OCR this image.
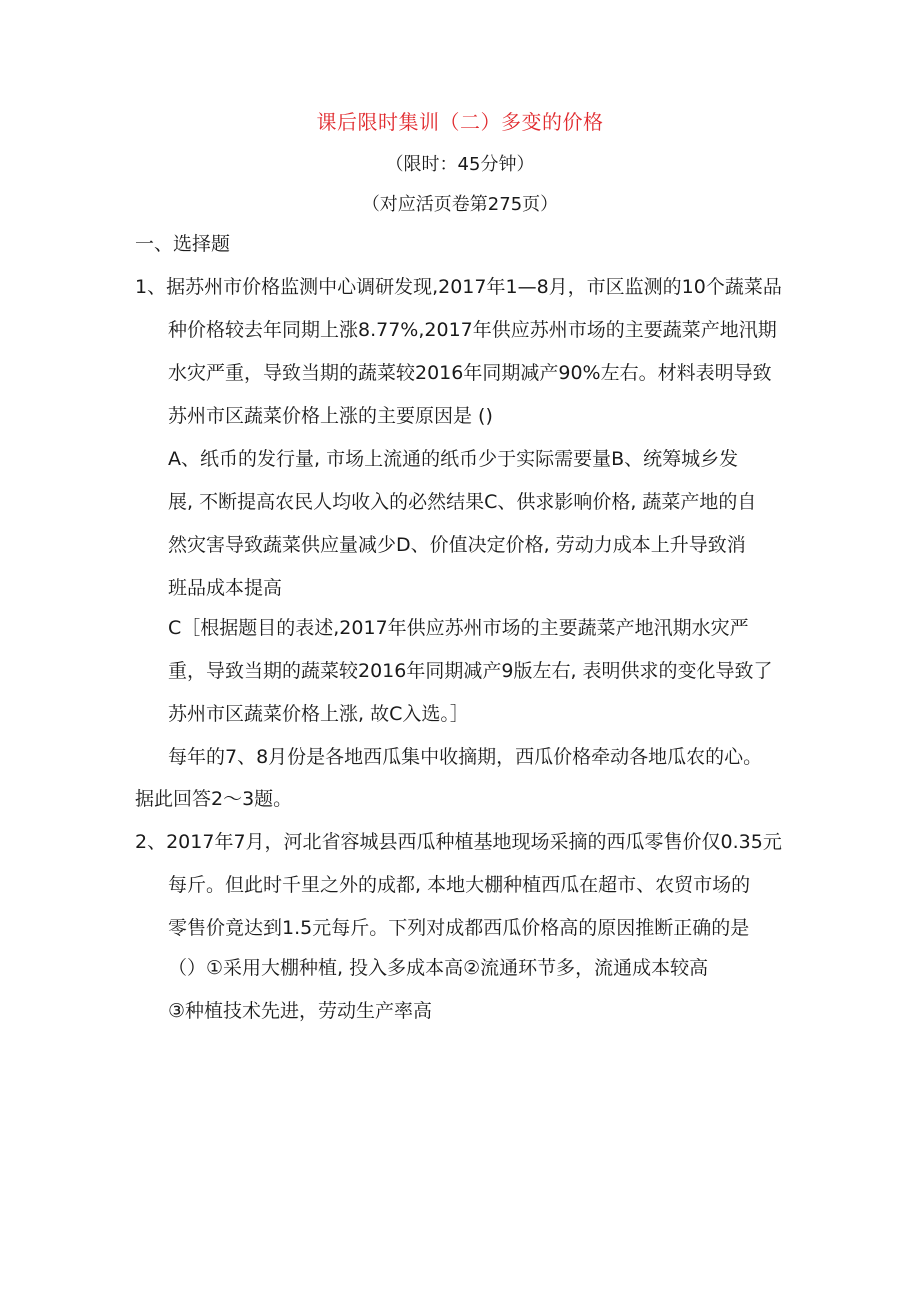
课后限时集训（二）多变的价格
（限时：45分钟）
（对应活页卷第275页）
一、选择题
1、据苏州市价格监测中心调研发现,2017年1—8月，市区监测的10个蔬菜品
种价格较去年同期上涨8.77%,2017年供应苏州市场的主要蔬菜产地汛期
水灾严重，导致当期的蔬菜较2016年同期减产90%左右。材料表明导致
苏州市区蔬菜价格上涨的主要原因是 ()
A、纸币的发行量, 市场上流通的纸币少于实际需要量B、统筹城乡发
展, 不断提高农民人均收入的必然结果C、供求影响价格, 蔬菜产地的自
然灾害导致蔬菜供应量减少D、价值决定价格, 劳动力成本上升导致消
班品成本提高
C［根据题目的表述,2017年供应苏州市场的主要蔬菜产地汛期水灾严
重，导致当期的蔬菜较2016年同期减产9版左右, 表明供求的变化导致了
苏州市区蔬菜价格上涨, 故C入选。］
每年的7、8月份是各地西瓜集中收摘期，西瓜价格牵动各地瓜农的心。
据此回答2～3题。
2、2017年7月，河北省容城县西瓜种植基地现场采摘的西瓜零售价仅0.35元
每斤。但此时千里之外的成都, 本地大棚种植西瓜在超市、农贸市场的
零售价竟达到1.5元每斤。下列对成都西瓜价格高的原因推断正确的是
（）①采用大棚种植, 投入多成本高②流通环节多，流通成本较高
③种植技术先进，劳动生产率高
